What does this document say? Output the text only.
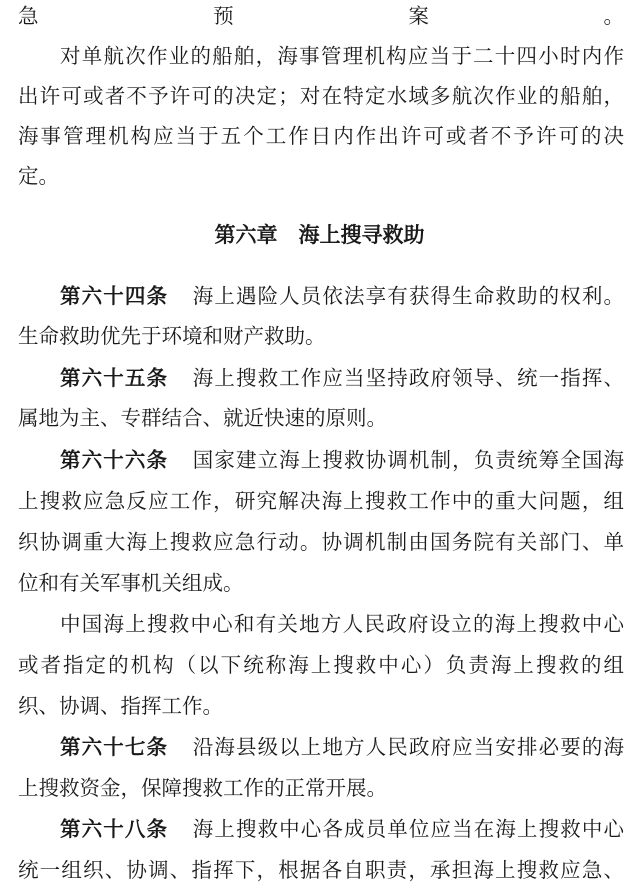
急预案。
对单航次作业的船舶，海事管理机构应当于二十四小时内作
出许可或者不予许可的决定；对在特定水域多航次作业的船舶，
海事管理机构应当于五个工作日内作出许可或者不予许可的决
定。
第六章　海上搜寻救助
第六十四条 海上遇险人员依法享有获得生命救助的权利。
生命救助优先于环境和财产救助。
第六十五条 海上搜救工作应当坚持政府领导、统一指挥、
属地为主、专群结合、就近快速的原则。
第六十六条 国家建立海上搜救协调机制，负责统筹全国海
上搜救应急反应工作，研究解决海上搜救工作中的重大问题，组
织协调重大海上搜救应急行动。协调机制由国务院有关部门、单
位和有关军事机关组成。
中国海上搜救中心和有关地方人民政府设立的海上搜救中心
或者指定的机构（以下统称海上搜救中心）负责海上搜救的组
织、协调、指挥工作。
第六十七条 沿海县级以上地方人民政府应当安排必要的海
上搜救资金，保障搜救工作的正常开展。
第六十八条 海上搜救中心各成员单位应当在海上搜救中心
统一组织、协调、指挥下，根据各自职责，承担海上搜救应急、
